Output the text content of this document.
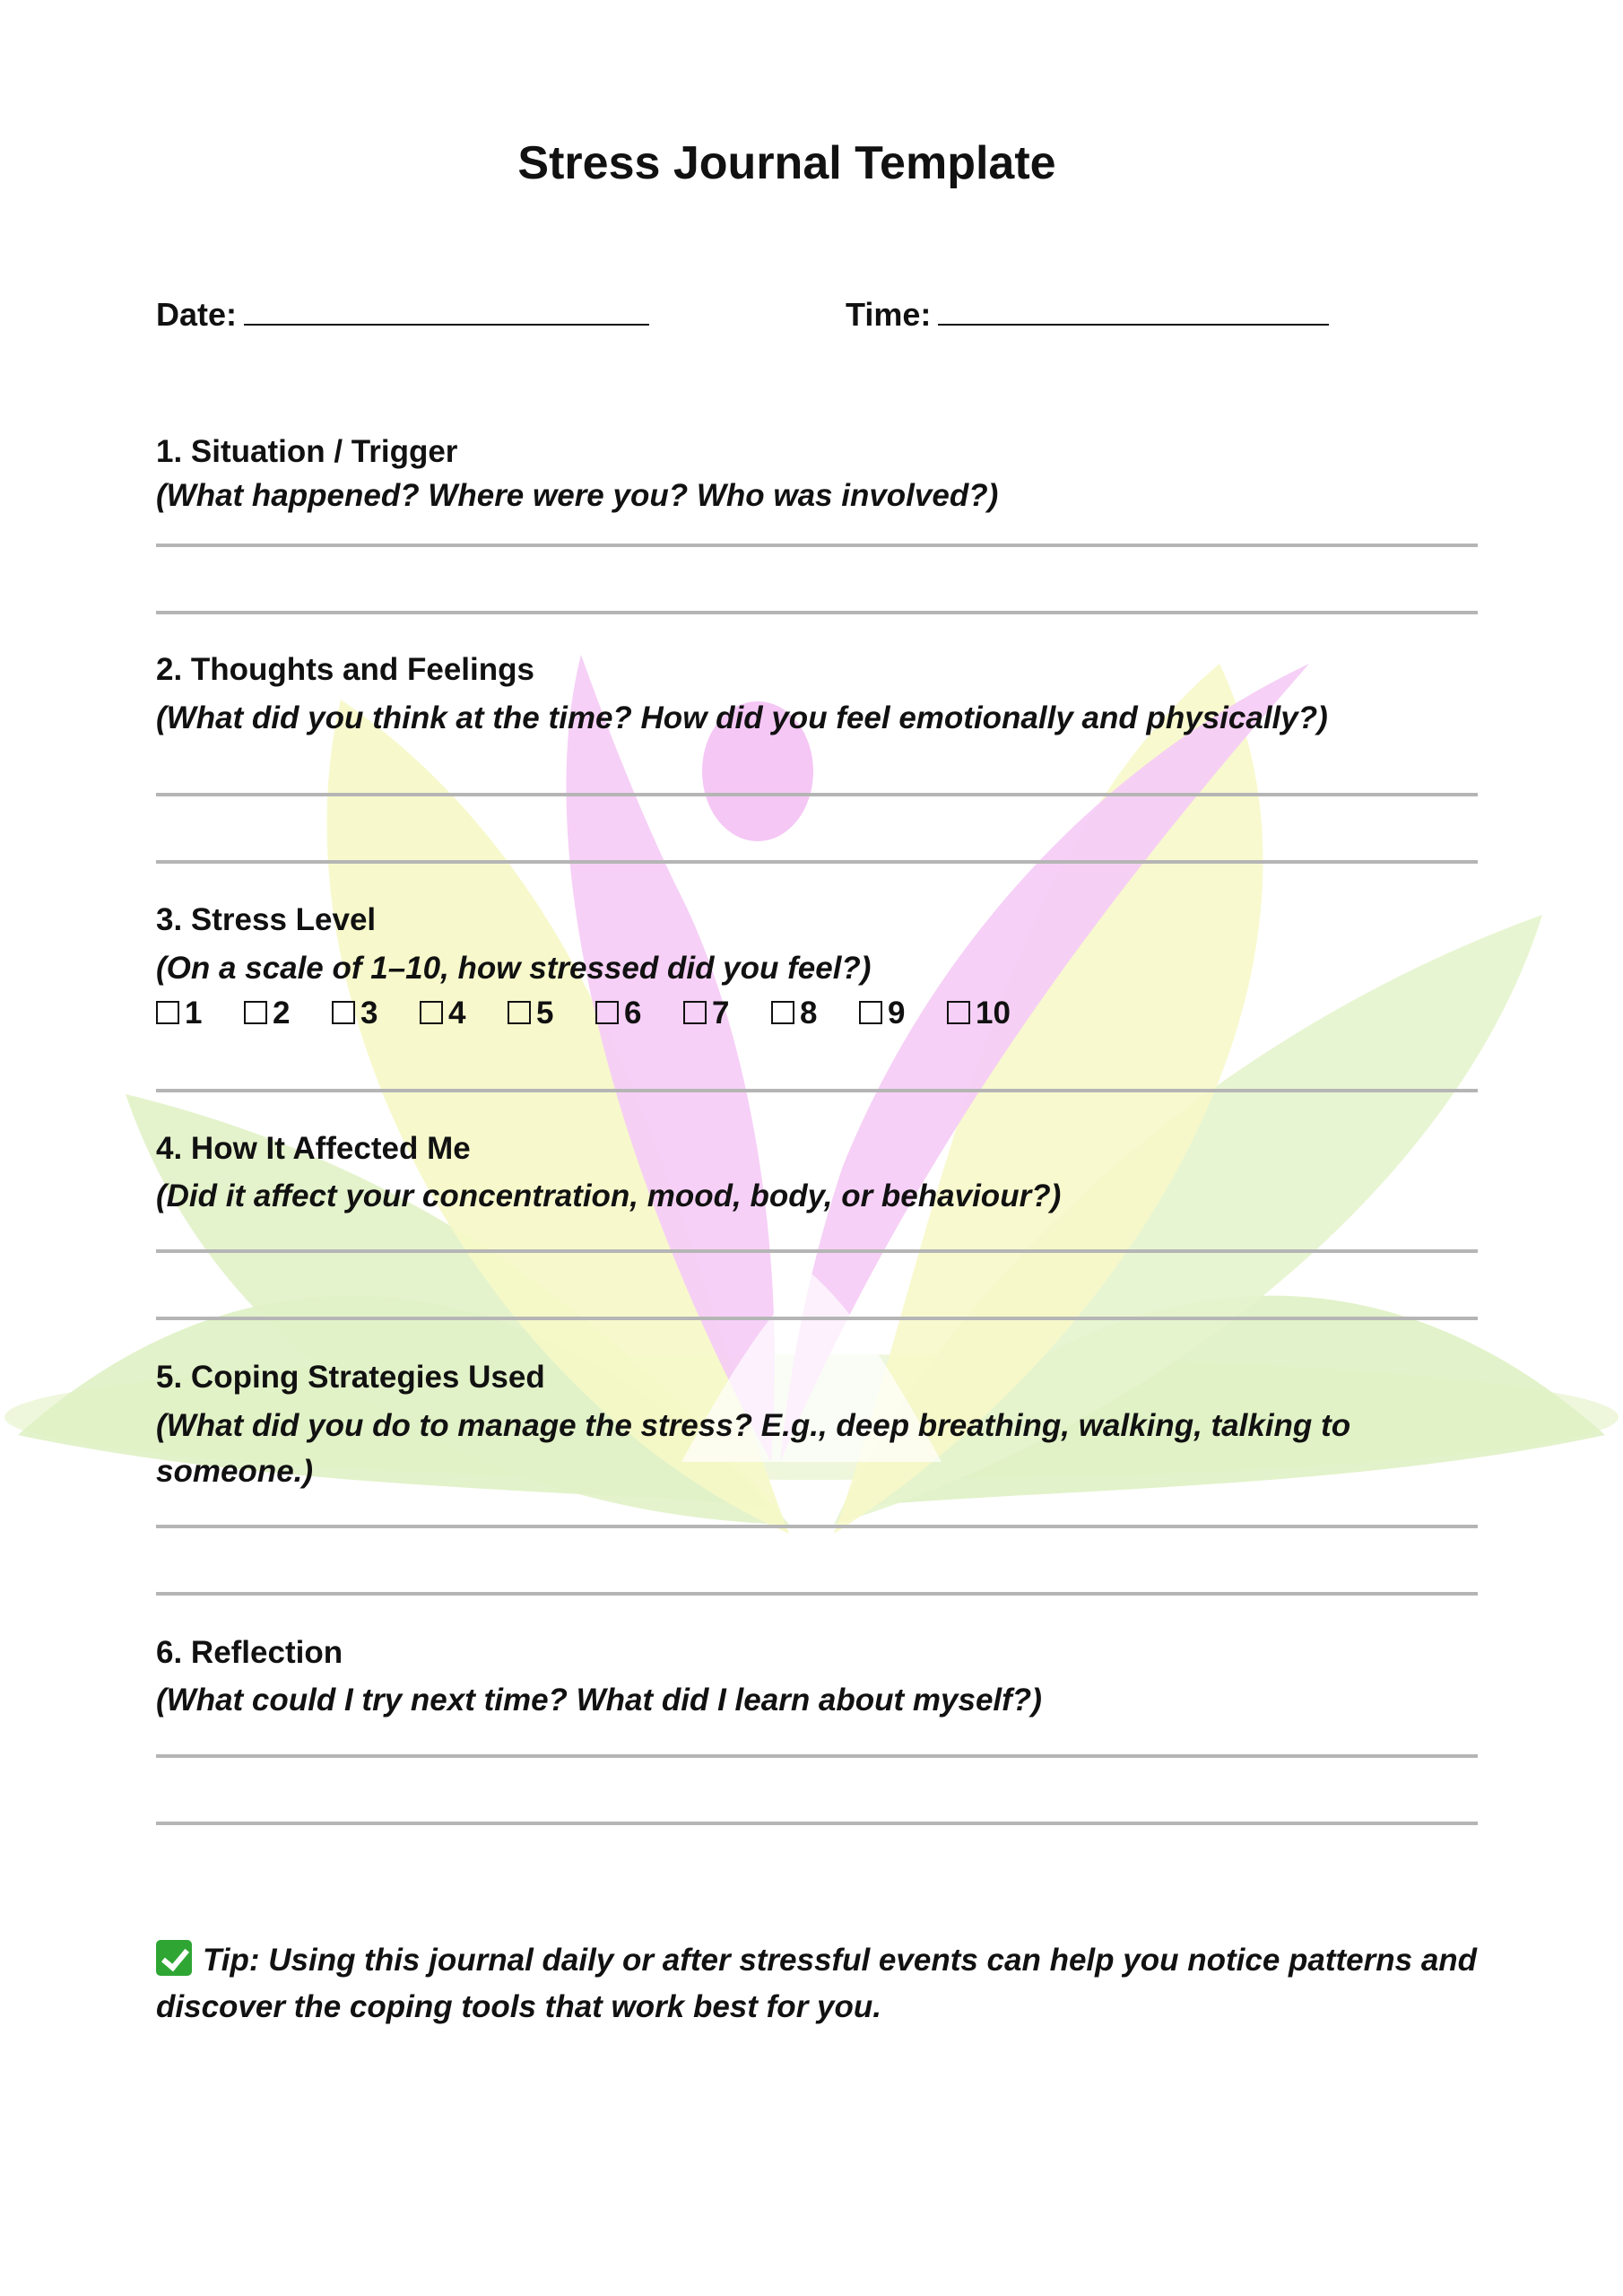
Stress Journal Template
Date:	Time:
1. Situation / Trigger
(What happened? Where were you? Who was involved?)
2. Thoughts and Feelings
(What did you think at the time? How did you feel emotionally and physically?)
3. Stress Level
(On a scale of 1–10, how stressed did you feel?)
1	2	3	4	5	6	7	8	9	10
4. How It Affected Me
(Did it affect your concentration, mood, body, or behaviour?)
5. Coping Strategies Used
(What did you do to manage the stress? E.g., deep breathing, walking, talking to someone.)
6. Reflection
(What could I try next time? What did I learn about myself?)
Tip: Using this journal daily or after stressful events can help you notice patterns and discover the coping tools that work best for you.
